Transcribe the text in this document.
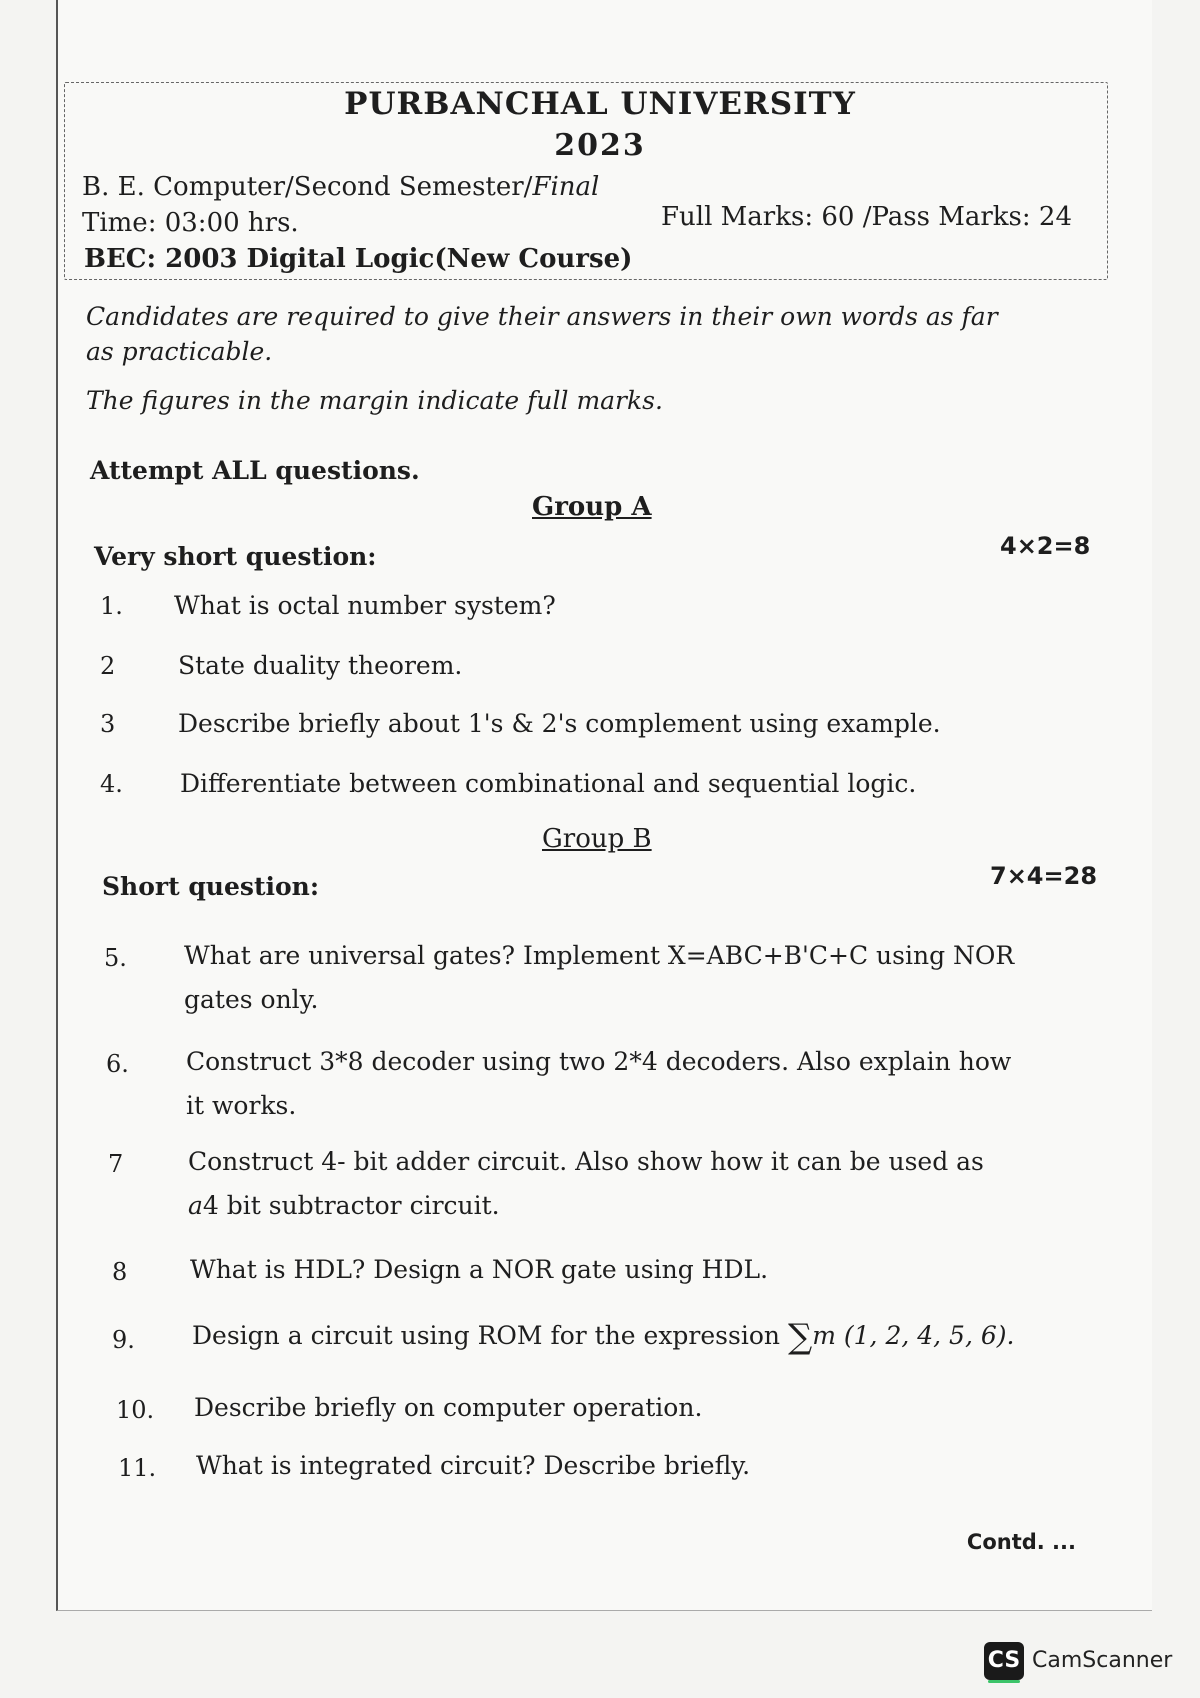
PURBANCHAL UNIVERSITY
2023
B. E. Computer/Second Semester/Final
Time: 03:00 hrs.	Full Marks: 60 /Pass Marks: 24
BEC: 2003 Digital Logic(New Course)
Candidates are required to give their answers in their own words as far
as practicable.
The figures in the margin indicate full marks.
Attempt ALL questions.
Group A
Very short question:	4×2=8
1. What is octal number system?
2	State duality theorem.
3	Describe briefly about 1's & 2's complement using example.
4. Differentiate between combinational and sequential logic.
Group B
Short question:	7×4=28
5. What are universal gates? Implement X=ABC+B'C+C using NOR
gates only.
6. Construct 3*8 decoder using two 2*4 decoders. Also explain how
it works.
7	Construct 4- bit adder circuit. Also show how it can be used as
a4 bit subtractor circuit.
8	What is HDL? Design a NOR gate using HDL.
9. Design a circuit using ROM for the expression ∑m (1, 2, 4, 5, 6).
10. Describe briefly on computer operation.
11. What is integrated circuit? Describe briefly.
Contd. ...
CS CamScanner
